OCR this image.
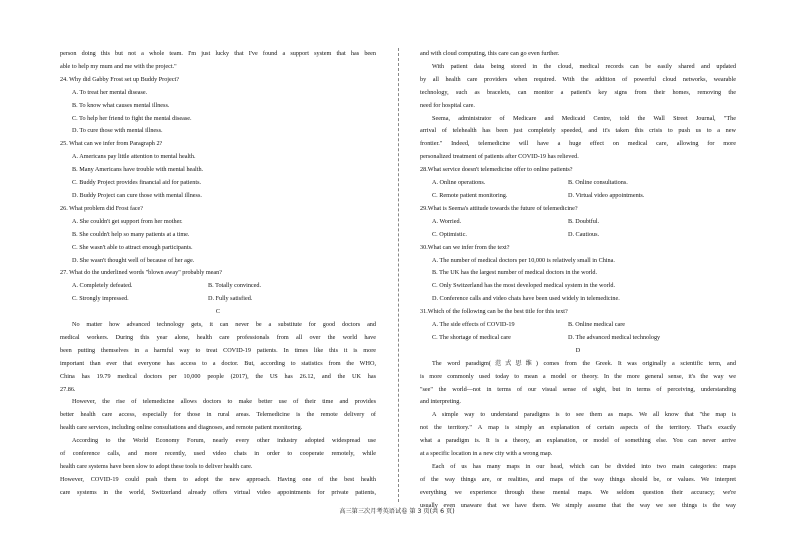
person doing this but not a whole team. I'm just lucky that I've found a support system that has been
able to help my mum and me with the project."
24. Why did Gabby Frost set up Buddy Project?
A. To treat her mental disease.
B. To know what causes mental illness.
C. To help her friend to fight the mental disease.
D. To cure those with mental illness.
25. What can we infer from Paragraph 2?
A. Americans pay little attention to mental health.
B. Many Americans have trouble with mental health.
C. Buddy Project provides financial aid for patients.
D. Buddy Project can cure those with mental illness.
26. What problem did Frost face?
A. She couldn't get support from her mother.
B. She couldn't help so many patients at a time.
C. She wasn't able to attract enough participants.
D. She wasn't thought well of because of her age.
27. What do the underlined words "blown away" probably mean?
A. Completely defeated.	B. Totally convinced.
C. Strongly impressed.	D. Fully satisfied.
C
No matter how advanced technology gets, it can never be a substitute for good doctors and
medical workers. During this year alone, health care professionals from all over the world have
been putting themselves in a harmful way to treat COVID-19 patients. In times like this it is more
important than ever that everyone has access to a doctor. But, according to statistics from the WHO,
China has 19.79 medical doctors per 10,000 people (2017), the US has 26.12, and the UK has
27.86.
However, the rise of telemedicine allows doctors to make better use of their time and provides
better health care access, especially for those in rural areas. Telemedicine is the remote delivery of
health care services, including online consultations and diagnoses, and remote patient monitoring.
According to the World Economy Forum, nearly every other industry adopted widespread use
of conference calls, and more recently, used video chats in order to cooperate remotely, while
health care systems have been slow to adopt these tools to deliver health care.
However, COVID-19 could push them to adopt the new approach. Having one of the best health
care systems in the world, Switzerland already offers virtual video appointments for private patients,
and with cloud computing, this care can go even further.
With patient data being stored in the cloud, medical records can be easily shared and updated
by all health care providers when required. With the addition of powerful cloud networks, wearable
technology, such as bracelets, can monitor a patient's key signs from their homes, removing the
need for hospital care.
Seema, administrator of Medicare and Medicaid Centre, told the Wall Street Journal, "The
arrival of telehealth has been just completely speeded, and it's taken this crisis to push us to a new
frontier." Indeed, telemedicine will have a huge effect on medical care, allowing for more
personalized treatment of patients after COVID-19 has relieved.
28.What service doesn't telemedicine offer to online patients?
A. Online operations.	B. Online consultations.
C. Remote patient monitoring.	D. Virtual video appointments.
29.What is Seema's attitude towards the future of telemedicine?
A. Worried.	B. Doubtful.
C. Optimistic.	D. Cautious.
30.What can we infer from the text?
A. The number of medical doctors per 10,000 is relatively small in China.
B. The UK has the largest number of medical doctors in the world.
C. Only Switzerland has the most developed medical system in the world.
D. Conference calls and video chats have been used widely in telemedicine.
31.Which of the following can be the best title for this text?
A. The side effects of COVID-19	B. Online medical care
C. The shortage of medical care	D. The advanced medical technology
D
The word paradigm(范式思维) comes from the Greek. It was originally a scientific term, and
is more commonly used today to mean a model or theory. In the more general sense, it's the way we
"see" the world—not in terms of our visual sense of sight, but in terms of perceiving, understanding
and interpreting.
A simple way to understand paradigms is to see them as maps. We all know that "the map is
not the territory." A map is simply an explanation of certain aspects of the territory. That's exactly
what a paradigm is. It is a theory, an explanation, or model of something else. You can never arrive
at a specific location in a new city with a wrong map.
Each of us has many maps in our head, which can be divided into two main categories: maps
of the way things are, or realities, and maps of the way things should be, or values. We interpret
everything we experience through these mental maps. We seldom question their accuracy; we're
usually even unaware that we have them. We simply assume that the way we see things is the way
高三第三次月考英语试卷 第 3 页(共 6 页)
